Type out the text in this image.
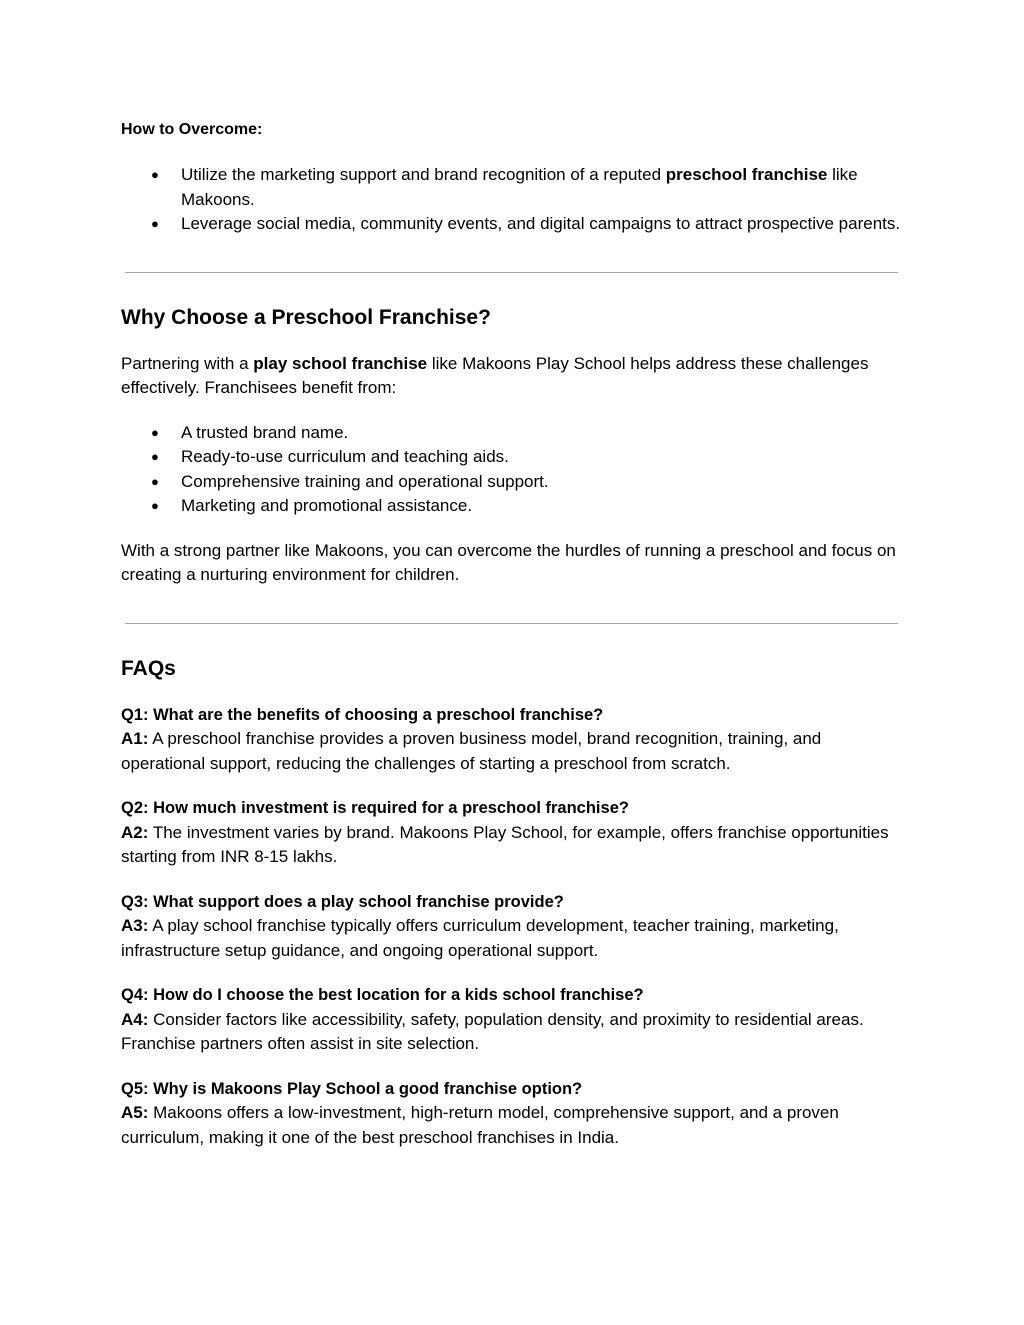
How to Overcome:
● Utilize the marketing support and brand recognition of a reputed preschool franchise like Makoons.
● Leverage social media, community events, and digital campaigns to attract prospective parents.
Why Choose a Preschool Franchise?

Partnering with a play school franchise like Makoons Play School helps address these challenges effectively. Franchisees benefit from:

● A trusted brand name.
● Ready-to-use curriculum and teaching aids.
● Comprehensive training and operational support.
● Marketing and promotional assistance.

With a strong partner like Makoons, you can overcome the hurdles of running a preschool and focus on creating a nurturing environment for children.

FAQs
Q1: What are the benefits of choosing a preschool franchise?
A1: A preschool franchise provides a proven business model, brand recognition, training, and operational support, reducing the challenges of starting a preschool from scratch.
Q2: How much investment is required for a preschool franchise?
A2: The investment varies by brand. Makoons Play School, for example, offers franchise opportunities starting from INR 8-15 lakhs.
Q3: What support does a play school franchise provide?
A3: A play school franchise typically offers curriculum development, teacher training, marketing, infrastructure setup guidance, and ongoing operational support.
Q4: How do I choose the best location for a kids school franchise?
A4: Consider factors like accessibility, safety, population density, and proximity to residential areas. Franchise partners often assist in site selection.
Q5: Why is Makoons Play School a good franchise option?
A5: Makoons offers a low-investment, high-return model, comprehensive support, and a proven curriculum, making it one of the best preschool franchises in India.
